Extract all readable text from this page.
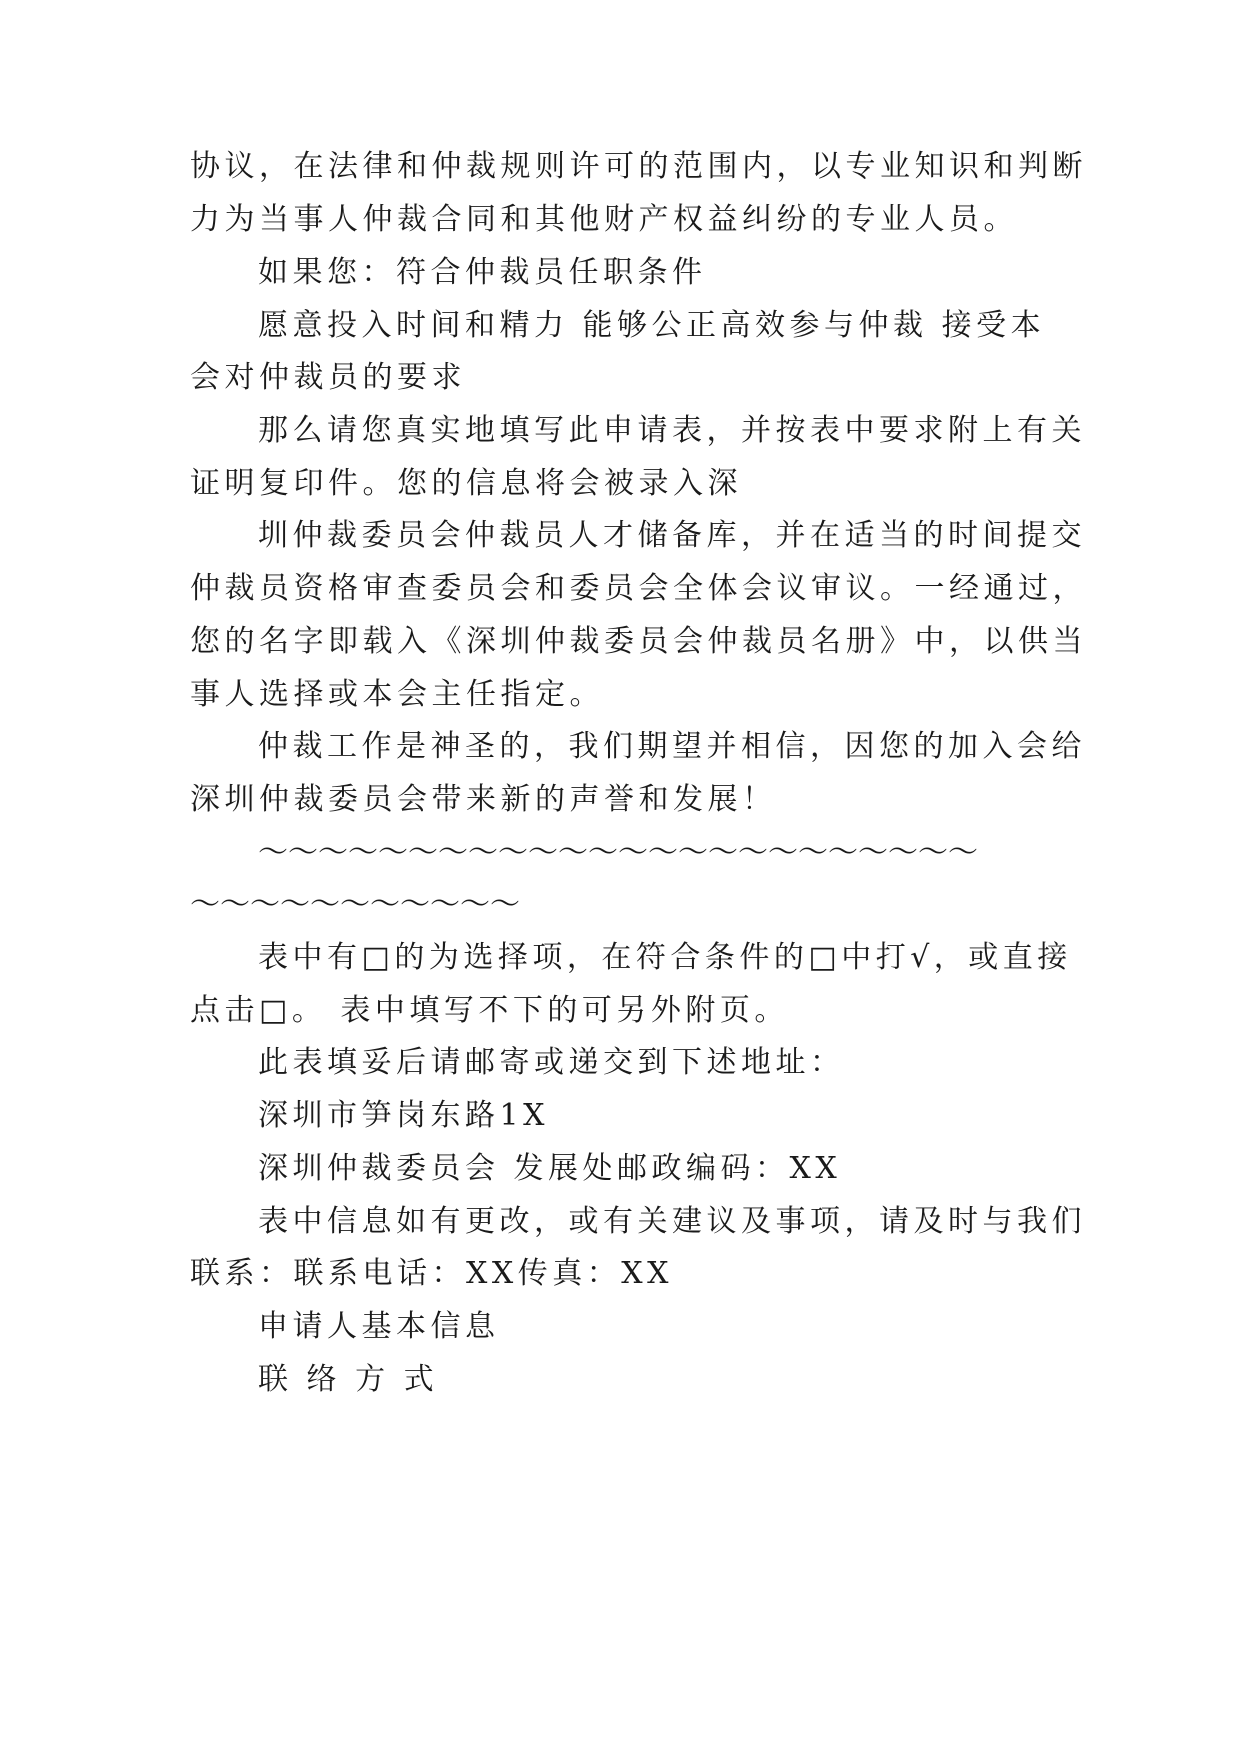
协议，在法律和仲裁规则许可的范围内，以专业知识和判断
力为当事人仲裁合同和其他财产权益纠纷的专业人员。
如果您：符合仲裁员任职条件
愿意投入时间和精力 能够公正高效参与仲裁 接受本
会对仲裁员的要求
那么请您真实地填写此申请表，并按表中要求附上有关
证明复印件。您的信息将会被录入深
圳仲裁委员会仲裁员人才储备库，并在适当的时间提交
仲裁员资格审查委员会和委员会全体会议审议。一经通过，
您的名字即载入《深圳仲裁委员会仲裁员名册》中，以供当
事人选择或本会主任指定。
仲裁工作是神圣的，我们期望并相信，因您的加入会给
深圳仲裁委员会带来新的声誉和发展！
～～～～～～～～～～～～～～～～～～～～～～～～
～～～～～～～～～～～
表中有□的为选择项，在符合条件的□中打√，或直接
点击□。 表中填写不下的可另外附页。
此表填妥后请邮寄或递交到下述地址：
深圳市笋岗东路1X
深圳仲裁委员会 发展处邮政编码：XX
表中信息如有更改，或有关建议及事项，请及时与我们
联系：联系电话：XX传真：XX
申请人基本信息
联 络 方 式
